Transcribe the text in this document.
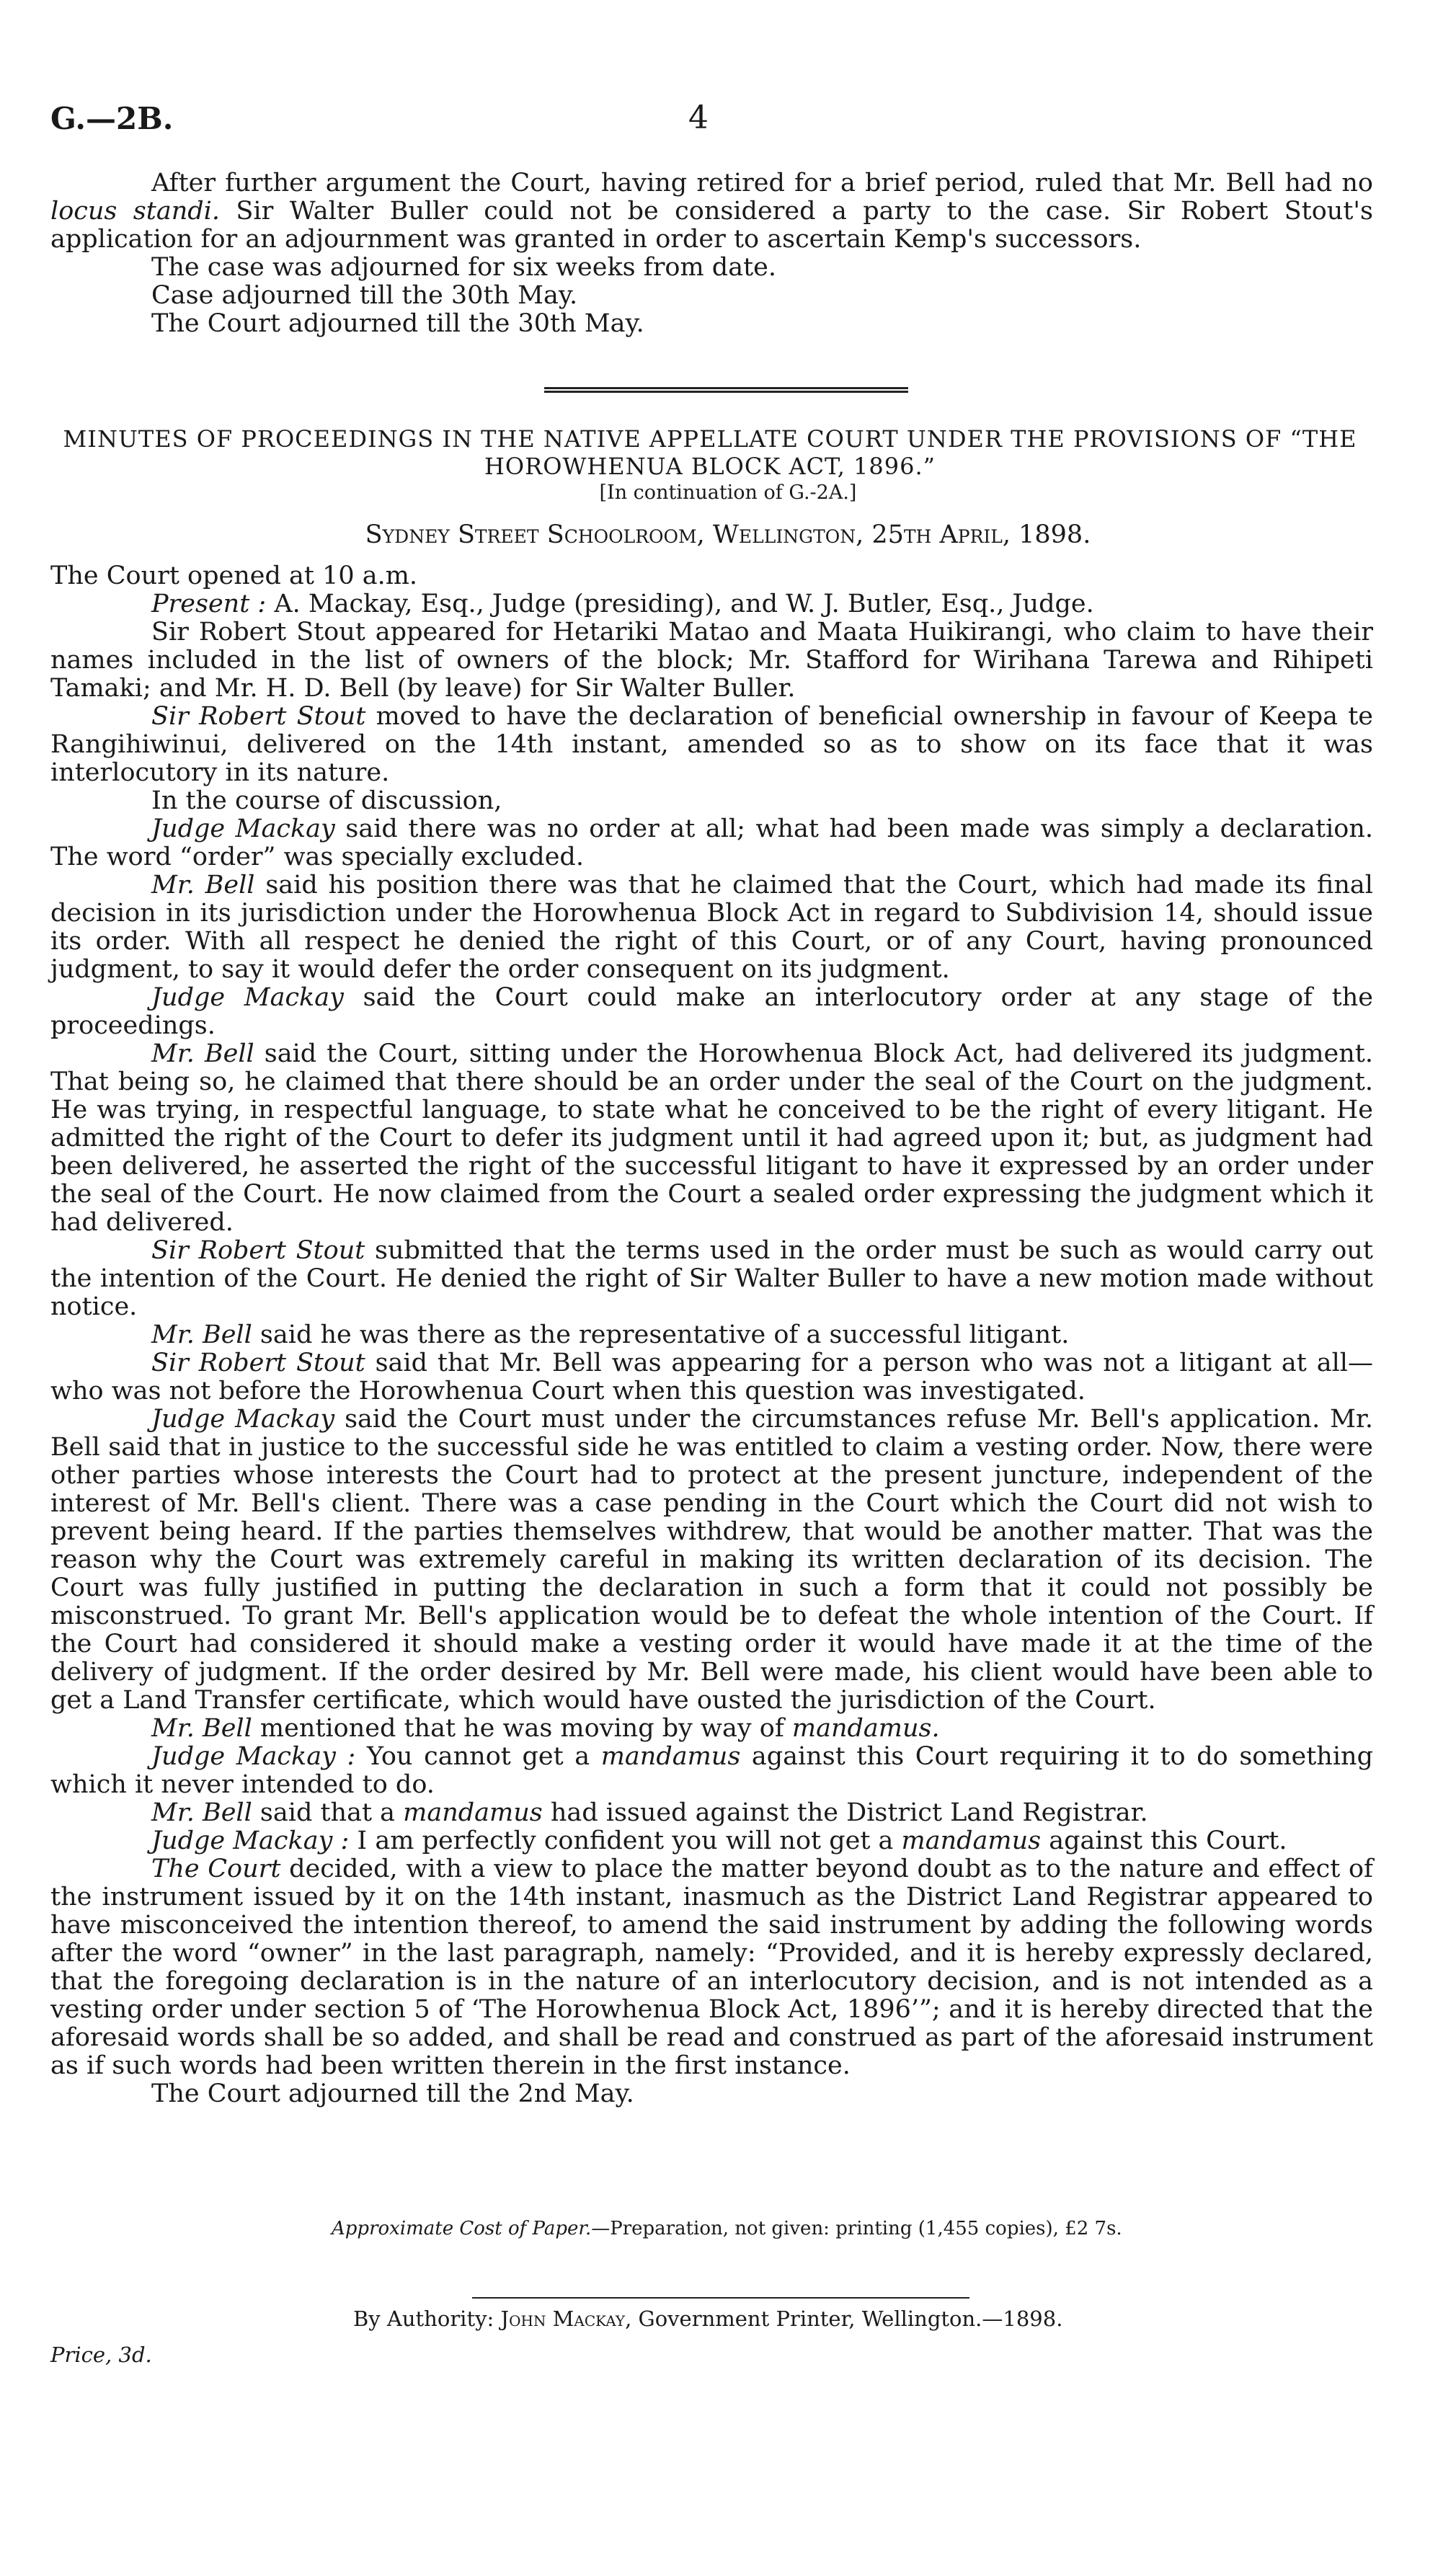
G.—2B.	4

After further argument the Court, having retired for a brief period, ruled that Mr. Bell had no locus standi. Sir Walter Buller could not be considered a party to the case. Sir Robert Stout's application for an adjournment was granted in order to ascertain Kemp's successors.

The case was adjourned for six weeks from date.

Case adjourned till the 30th May.

The Court adjourned till the 30th May.

MINUTES OF PROCEEDINGS IN THE NATIVE APPELLATE COURT UNDER THE PROVISIONS OF “THE HOROWHENUA BLOCK ACT, 1896.”
[In continuation of G.-2A.]
Sydney Street Schoolroom, Wellington, 25th April, 1898.

The Court opened at 10 a.m.

Present : A. Mackay, Esq., Judge (presiding), and W. J. Butler, Esq., Judge.

Sir Robert Stout appeared for Hetariki Matao and Maata Huikirangi, who claim to have their names included in the list of owners of the block; Mr. Stafford for Wirihana Tarewa and Rihipeti Tamaki; and Mr. H. D. Bell (by leave) for Sir Walter Buller.

Sir Robert Stout moved to have the declaration of beneficial ownership in favour of Keepa te Rangihiwinui, delivered on the 14th instant, amended so as to show on its face that it was interlocutory in its nature.

In the course of discussion,

Judge Mackay said there was no order at all; what had been made was simply a declaration. The word “order” was specially excluded.

Mr. Bell said his position there was that he claimed that the Court, which had made its final decision in its jurisdiction under the Horowhenua Block Act in regard to Subdivision 14, should issue its order. With all respect he denied the right of this Court, or of any Court, having pronounced judgment, to say it would defer the order consequent on its judgment.

Judge Mackay said the Court could make an interlocutory order at any stage of the proceedings.

Mr. Bell said the Court, sitting under the Horowhenua Block Act, had delivered its judgment. That being so, he claimed that there should be an order under the seal of the Court on the judgment. He was trying, in respectful language, to state what he conceived to be the right of every litigant. He admitted the right of the Court to defer its judgment until it had agreed upon it; but, as judgment had been delivered, he asserted the right of the successful litigant to have it expressed by an order under the seal of the Court. He now claimed from the Court a sealed order expressing the judgment which it had delivered.

Sir Robert Stout submitted that the terms used in the order must be such as would carry out the intention of the Court. He denied the right of Sir Walter Buller to have a new motion made without notice.

Mr. Bell said he was there as the representative of a successful litigant.

Sir Robert Stout said that Mr. Bell was appearing for a person who was not a litigant at all—who was not before the Horowhenua Court when this question was investigated.

Judge Mackay said the Court must under the circumstances refuse Mr. Bell's application. Mr. Bell said that in justice to the successful side he was entitled to claim a vesting order. Now, there were other parties whose interests the Court had to protect at the present juncture, independent of the interest of Mr. Bell's client. There was a case pending in the Court which the Court did not wish to prevent being heard. If the parties themselves withdrew, that would be another matter. That was the reason why the Court was extremely careful in making its written declaration of its decision. The Court was fully justified in putting the declaration in such a form that it could not possibly be misconstrued. To grant Mr. Bell's application would be to defeat the whole intention of the Court. If the Court had considered it should make a vesting order it would have made it at the time of the delivery of judgment. If the order desired by Mr. Bell were made, his client would have been able to get a Land Transfer certificate, which would have ousted the jurisdiction of the Court.

Mr. Bell mentioned that he was moving by way of mandamus.

Judge Mackay : You cannot get a mandamus against this Court requiring it to do something which it never intended to do.

Mr. Bell said that a mandamus had issued against the District Land Registrar.

Judge Mackay : I am perfectly confident you will not get a mandamus against this Court.

The Court decided, with a view to place the matter beyond doubt as to the nature and effect of the instrument issued by it on the 14th instant, inasmuch as the District Land Registrar appeared to have misconceived the intention thereof, to amend the said instrument by adding the following words after the word “owner” in the last paragraph, namely: “Provided, and it is hereby expressly declared, that the foregoing declaration is in the nature of an interlocutory decision, and is not intended as a vesting order under section 5 of ‘The Horowhenua Block Act, 1896’”; and it is hereby directed that the aforesaid words shall be so added, and shall be read and construed as part of the aforesaid instrument as if such words had been written therein in the first instance.

The Court adjourned till the 2nd May.

Approximate Cost of Paper.—Preparation, not given: printing (1,455 copies), £2 7s.
By Authority: John Mackay, Government Printer, Wellington.—1898.
Price, 3d.
